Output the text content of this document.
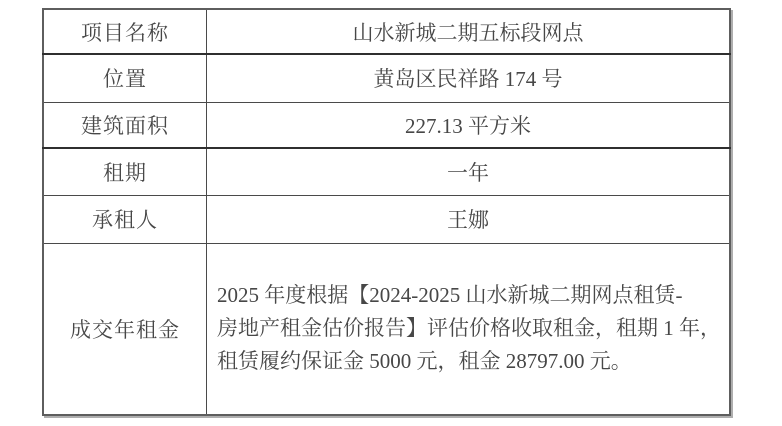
项目名称	山水新城二期五标段网点
位置	黄岛区民祥路 174 号
建筑面积	227.13 平方米
租期	一年
承租人	王娜
成交年租金	2025 年度根据【2024-2025 山水新城二期网点租赁-
房地产租金估价报告】评估价格收取租金，租期 1 年，
租赁履约保证金 5000 元，租金 28797.00 元。
